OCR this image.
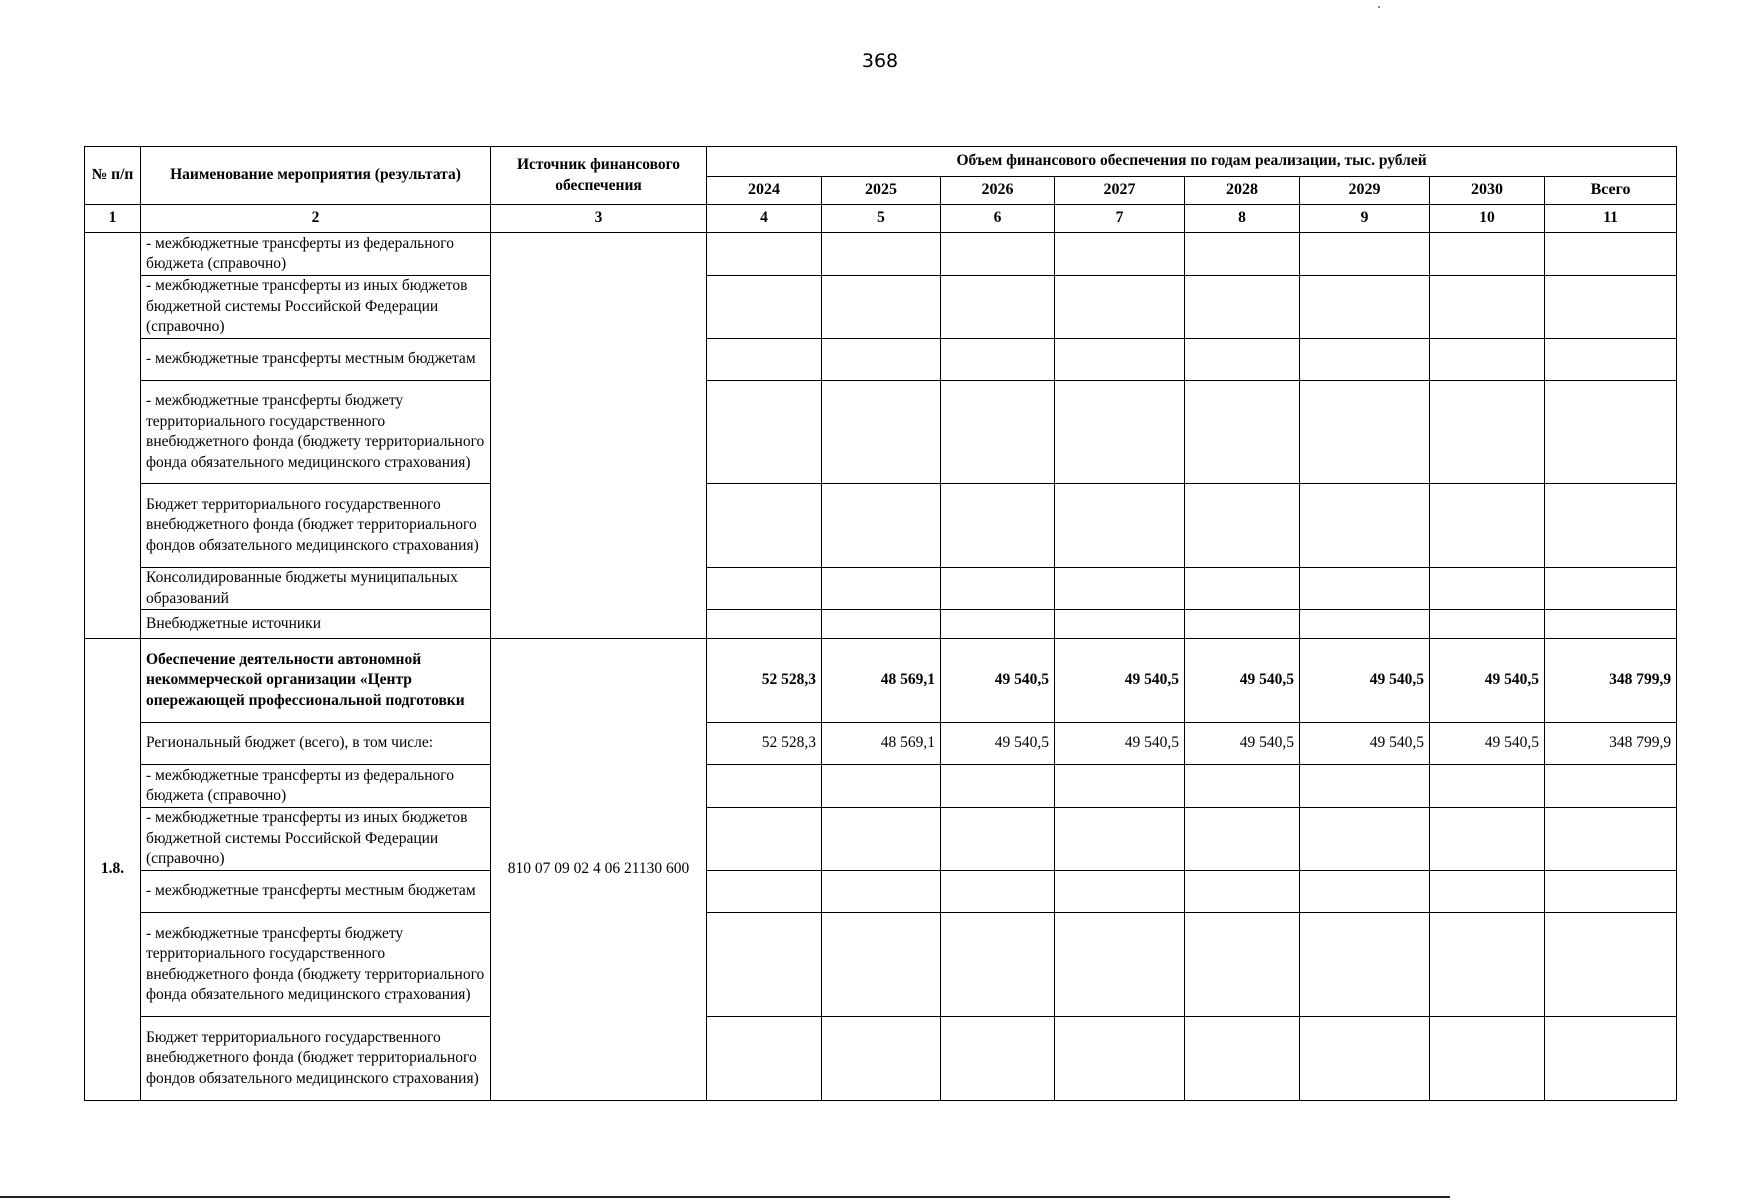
368
№ п/п	Наименование мероприятия (результата)	Источник финансового обеспечения	Объем финансового обеспечения по годам реализации, тыс. рублей							
			2024	2025	2026	2027	2028	2029	2030	Всего
1	2	3	4	5	6	7	8	9	10	11
	- межбюджетные трансферты из федерального бюджета (справочно)									
	- межбюджетные трансферты из иных бюджетов бюджетной системы Российской Федерации (справочно)									
	- межбюджетные трансферты местным бюджетам									
	- межбюджетные трансферты бюджету территориального государственного внебюджетного фонда (бюджету территориального фонда обязательного медицинского страхования)									
	Бюджет территориального государственного внебюджетного фонда (бюджет территориального фондов обязательного медицинского страхования)									
	Консолидированные бюджеты муниципальных образований									
	Внебюджетные источники									
1.8.	Обеспечение деятельности автономной некоммерческой организации «Центр опережающей профессиональной подготовки	810 07 09 02 4 06 21130 600	52 528,3	48 569,1	49 540,5	49 540,5	49 540,5	49 540,5	49 540,5	348 799,9
	Региональный бюджет (всего), в том числе:		52 528,3	48 569,1	49 540,5	49 540,5	49 540,5	49 540,5	49 540,5	348 799,9
	- межбюджетные трансферты из федерального бюджета (справочно)									
	- межбюджетные трансферты из иных бюджетов бюджетной системы Российской Федерации (справочно)									
	- межбюджетные трансферты местным бюджетам									
	- межбюджетные трансферты бюджету территориального государственного внебюджетного фонда (бюджету территориального фонда обязательного медицинского страхования)									
	Бюджет территориального государственного внебюджетного фонда (бюджет территориального фондов обязательного медицинского страхования)									
